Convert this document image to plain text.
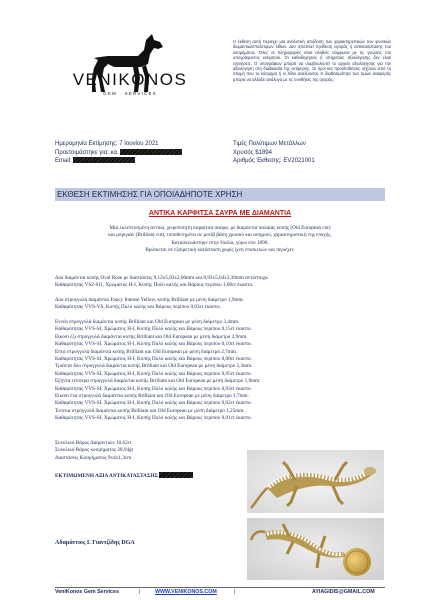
VENIKONOS
GEM · SERVICES
Η έκθεση αυτή περιέχει μια αναλυτική απόδοση των χαρακτηριστικών των φυσικών διαμαντιών/πολύτιμων λίθων. Δεν αποτελεί πρόθεση αγοράς ή αντικατάστασης του κοσμήματος. Όλες οι πληροφορίες είναι αληθείς σύμφωνα με τις γνώσεις του υπογράφοντος εκτιμητού. Οι καθοδηγήσεις ή υπηρεσίες αξιολόγησης δεν είναι εγγυήσεις. Ο υπογράφων μπορεί να συμβουλευτεί το αρχείο αξιολόγησης για την αξιολόγηση στη διαδικασία της εκτίμησης. Οι όροι και προϋποθέσεις ισχύουν από τη στιγμή που το κόσμημα ή οι λίθοι αναλύονται. Η διαθεσιμότητα των τιμών αναφοράς μπορεί να αλλάξει ανάλογα με τις συνθήκες της αγοράς.
Ημερομηνία Εκτίμησης: 7 Ιουνίου 2021
Προετοιμάστηκε για: κα.
Email:
Τιμές Πολύτιμων Μετάλλων
Χρυσός $1894
Αριθμός Έκθεσης: EV2021001
ΕΚΘΕΣΗ ΕΚΤΙΜΗΣΗΣ ΓΙΑ ΟΠΟΙΑΔΗΠΟΤΕ ΧΡΗΣΗ
ΑΝΤΙΚΑ ΚΑΡΦΙΤΣΑ ΣΑΥΡΑ ΜΕ ΔΙΑΜΑΝΤΙΑ
Μία εκλεπτυσμένη αντίκα, χειροποίητη καρφίτσα σαύρα, με διαμάντια παλαιάς κοπής (Old European cut)
και μπριγιάν (Brilliant cut), τοποθετημένα σε μοτίβ βάση χρυσού και ασημιού, χαρακτηριστική της εποχής.
Κατασκευάστηκε στην Ιταλία, γύρω στο 1890.
Βρίσκεται σε εξαιρετική κατάσταση χωρίς ίχνη επισκευών και περιέχει:
Δύο διαμάντια κοπής Oval Rose με διαστάσεις 9,12x5,83x2,00mm και 8,93x5,64x3,38mm αντίστοιχα.
Καθαρότητας VS2-SI1, Χρώματος H-I, Κοπής Πολύ καλής και Βάρους περίπου 1,00ct έκαστο.
Δύο στρογγυλά διαμάντια Fancy Intense Yellow, κοπής Brilliant με μέση διάμετρο 1,9mm.
Καθαρότητας VVS-VS, Κοπής Πολύ καλής και Βάρους περίπου 0,03ct έκαστο.
Εννέα στρογγυλά διαμάντια κοπής Brilliant και Old European με μέση διάμετρο 3,4mm.
Καθαρότητας VVS-SI, Χρώματος H-I, Κοπής Πολύ καλής και Βάρους περίπου 0,15ct έκαστο.
Είκοσι έξι στρογγυλά διαμάντια κοπής Brilliant και Old European με μέση διάμετρο 2,9mm.
Καθαρότητας VVS-SI, Χρώματος H-I, Κοπής Πολύ καλής και Βάρους περίπου 0,10ct έκαστο.
Επτά στρογγυλά διαμάντια κοπής Brilliant και Old European με μέση διάμετρο 2,7mm.
Καθαρότητας VVS-SI, Χρώματος H-I, Κοπής Πολύ καλής και Βάρους περίπου 0,08ct έκαστο.
Τριάντα δύο στρογγυλά διαμάντια κοπής Brilliant και Old European με μέση διάμετρο 2,3mm.
Καθαρότητας VVS-SI, Χρώματος H-I, Κοπής Πολύ καλής και Βάρους περίπου 0,05ct έκαστο.
Εξήντα τέσσερα στρογγυλά διαμάντια κοπής Brilliant και Old European με μέση διάμετρο 1,9mm.
Καθαρότητας VVS-SI, Χρώματος H-I, Κοπής Πολύ καλής και Βάρους περίπου 0,03ct έκαστο.
Είκοσι ένα στρογγυλά διαμάντια κοπής Brilliant και Old European με μέση διάμετρο 1,7mm.
Καθαρότητας VVS-SI, Χρώματος H-I, Κοπής Πολύ καλής και Βάρους περίπου 0,02ct έκαστο.
Έντεκα στρογγυλά διαμάντια κοπής Brilliant και Old European με μέση διάμετρο 1,25mm.
Καθαρότητας VVS-SI, Χρώματος H-I, Κοπής Πολύ καλής και Βάρους περίπου 0,01ct έκαστο.
Συνολικό Βάρος Διαμαντιών 10,62ct
Συνολικό Βάρος κοσμήματος 28,94gr
Διαστάσεις Κοσμήματος 9x4x1,3cm
ΕΚΤΙΜΩΜΕΝΗ ΑΞΙΑ ΑΝΤΙΚΑΤΑΣΤΑΣΗΣ
Αδαμάντιος Ι. Γιαντζίδης DGA
VeniKonos Gem Services	|	WWW.VENIKONOS.COM	|	AYIAGIDIS@GMAIL.COM
